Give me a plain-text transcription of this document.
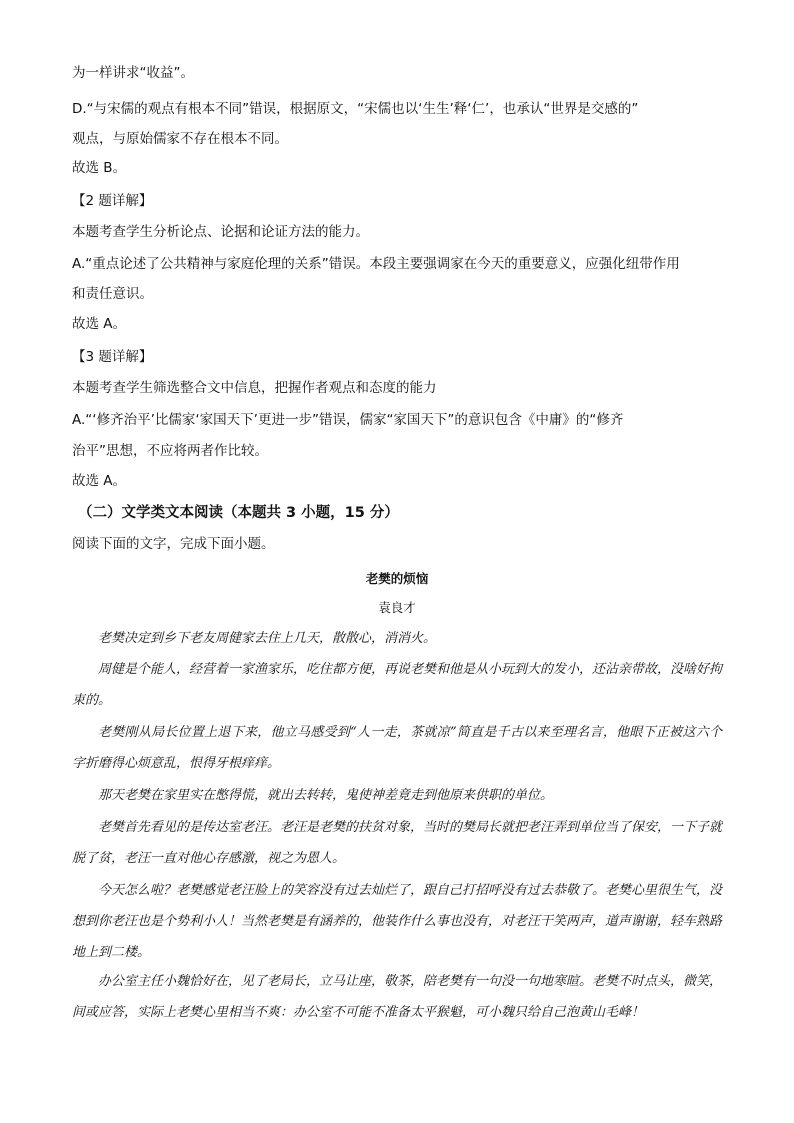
为一样讲求“收益”。
D.“与宋儒的观点有根本不同”错误，根据原文，“宋儒也以‘生生’释‘仁’，也承认“世界是交感的”
观点，与原始儒家不存在根本不同。
故选 B。
【2 题详解】
本题考查学生分析论点、论据和论证方法的能力。
A.“重点论述了公共精神与家庭伦理的关系”错误。本段主要强调家在今天的重要意义，应强化纽带作用
和责任意识。
故选 A。
【3 题详解】
本题考查学生筛选整合文中信息，把握作者观点和态度的能力
A.“‘修齐治平’比儒家‘家国天下’更进一步”错误，儒家“家国天下”的意识包含《中庸》的“修齐
治平”思想，不应将两者作比较。
故选 A。
（二）文学类文本阅读（本题共 3 小题，15 分）
阅读下面的文字，完成下面小题。
老樊的烦恼
袁良才
老樊决定到乡下老友周健家去住上几天，散散心，消消火。
周健是个能人，经营着一家渔家乐，吃住都方便，再说老樊和他是从小玩到大的发小，还沾亲带故，没啥好拘束的。
老樊刚从局长位置上退下来，他立马感受到“人一走，茶就凉”简直是千古以来至理名言，他眼下正被这六个字折磨得心烦意乱，恨得牙根痒痒。
那天老樊在家里实在憋得慌，就出去转转，鬼使神差竟走到他原来供职的单位。
老樊首先看见的是传达室老汪。老汪是老樊的扶贫对象，当时的樊局长就把老汪弄到单位当了保安，一下子就脱了贫，老汪一直对他心存感激，视之为恩人。
今天怎么啦？老樊感觉老汪脸上的笑容没有过去灿烂了，跟自己打招呼没有过去恭敬了。老樊心里很生气，没想到你老汪也是个势利小人！当然老樊是有涵养的，他装作什么事也没有，对老汪干笑两声，道声谢谢，轻车熟路地上到二楼。
办公室主任小魏恰好在，见了老局长，立马让座，敬茶，陪老樊有一句没一句地寒暄。老樊不时点头，微笑，间或应答，实际上老樊心里相当不爽：办公室不可能不准备太平猴魁，可小魏只给自己泡黄山毛峰！
